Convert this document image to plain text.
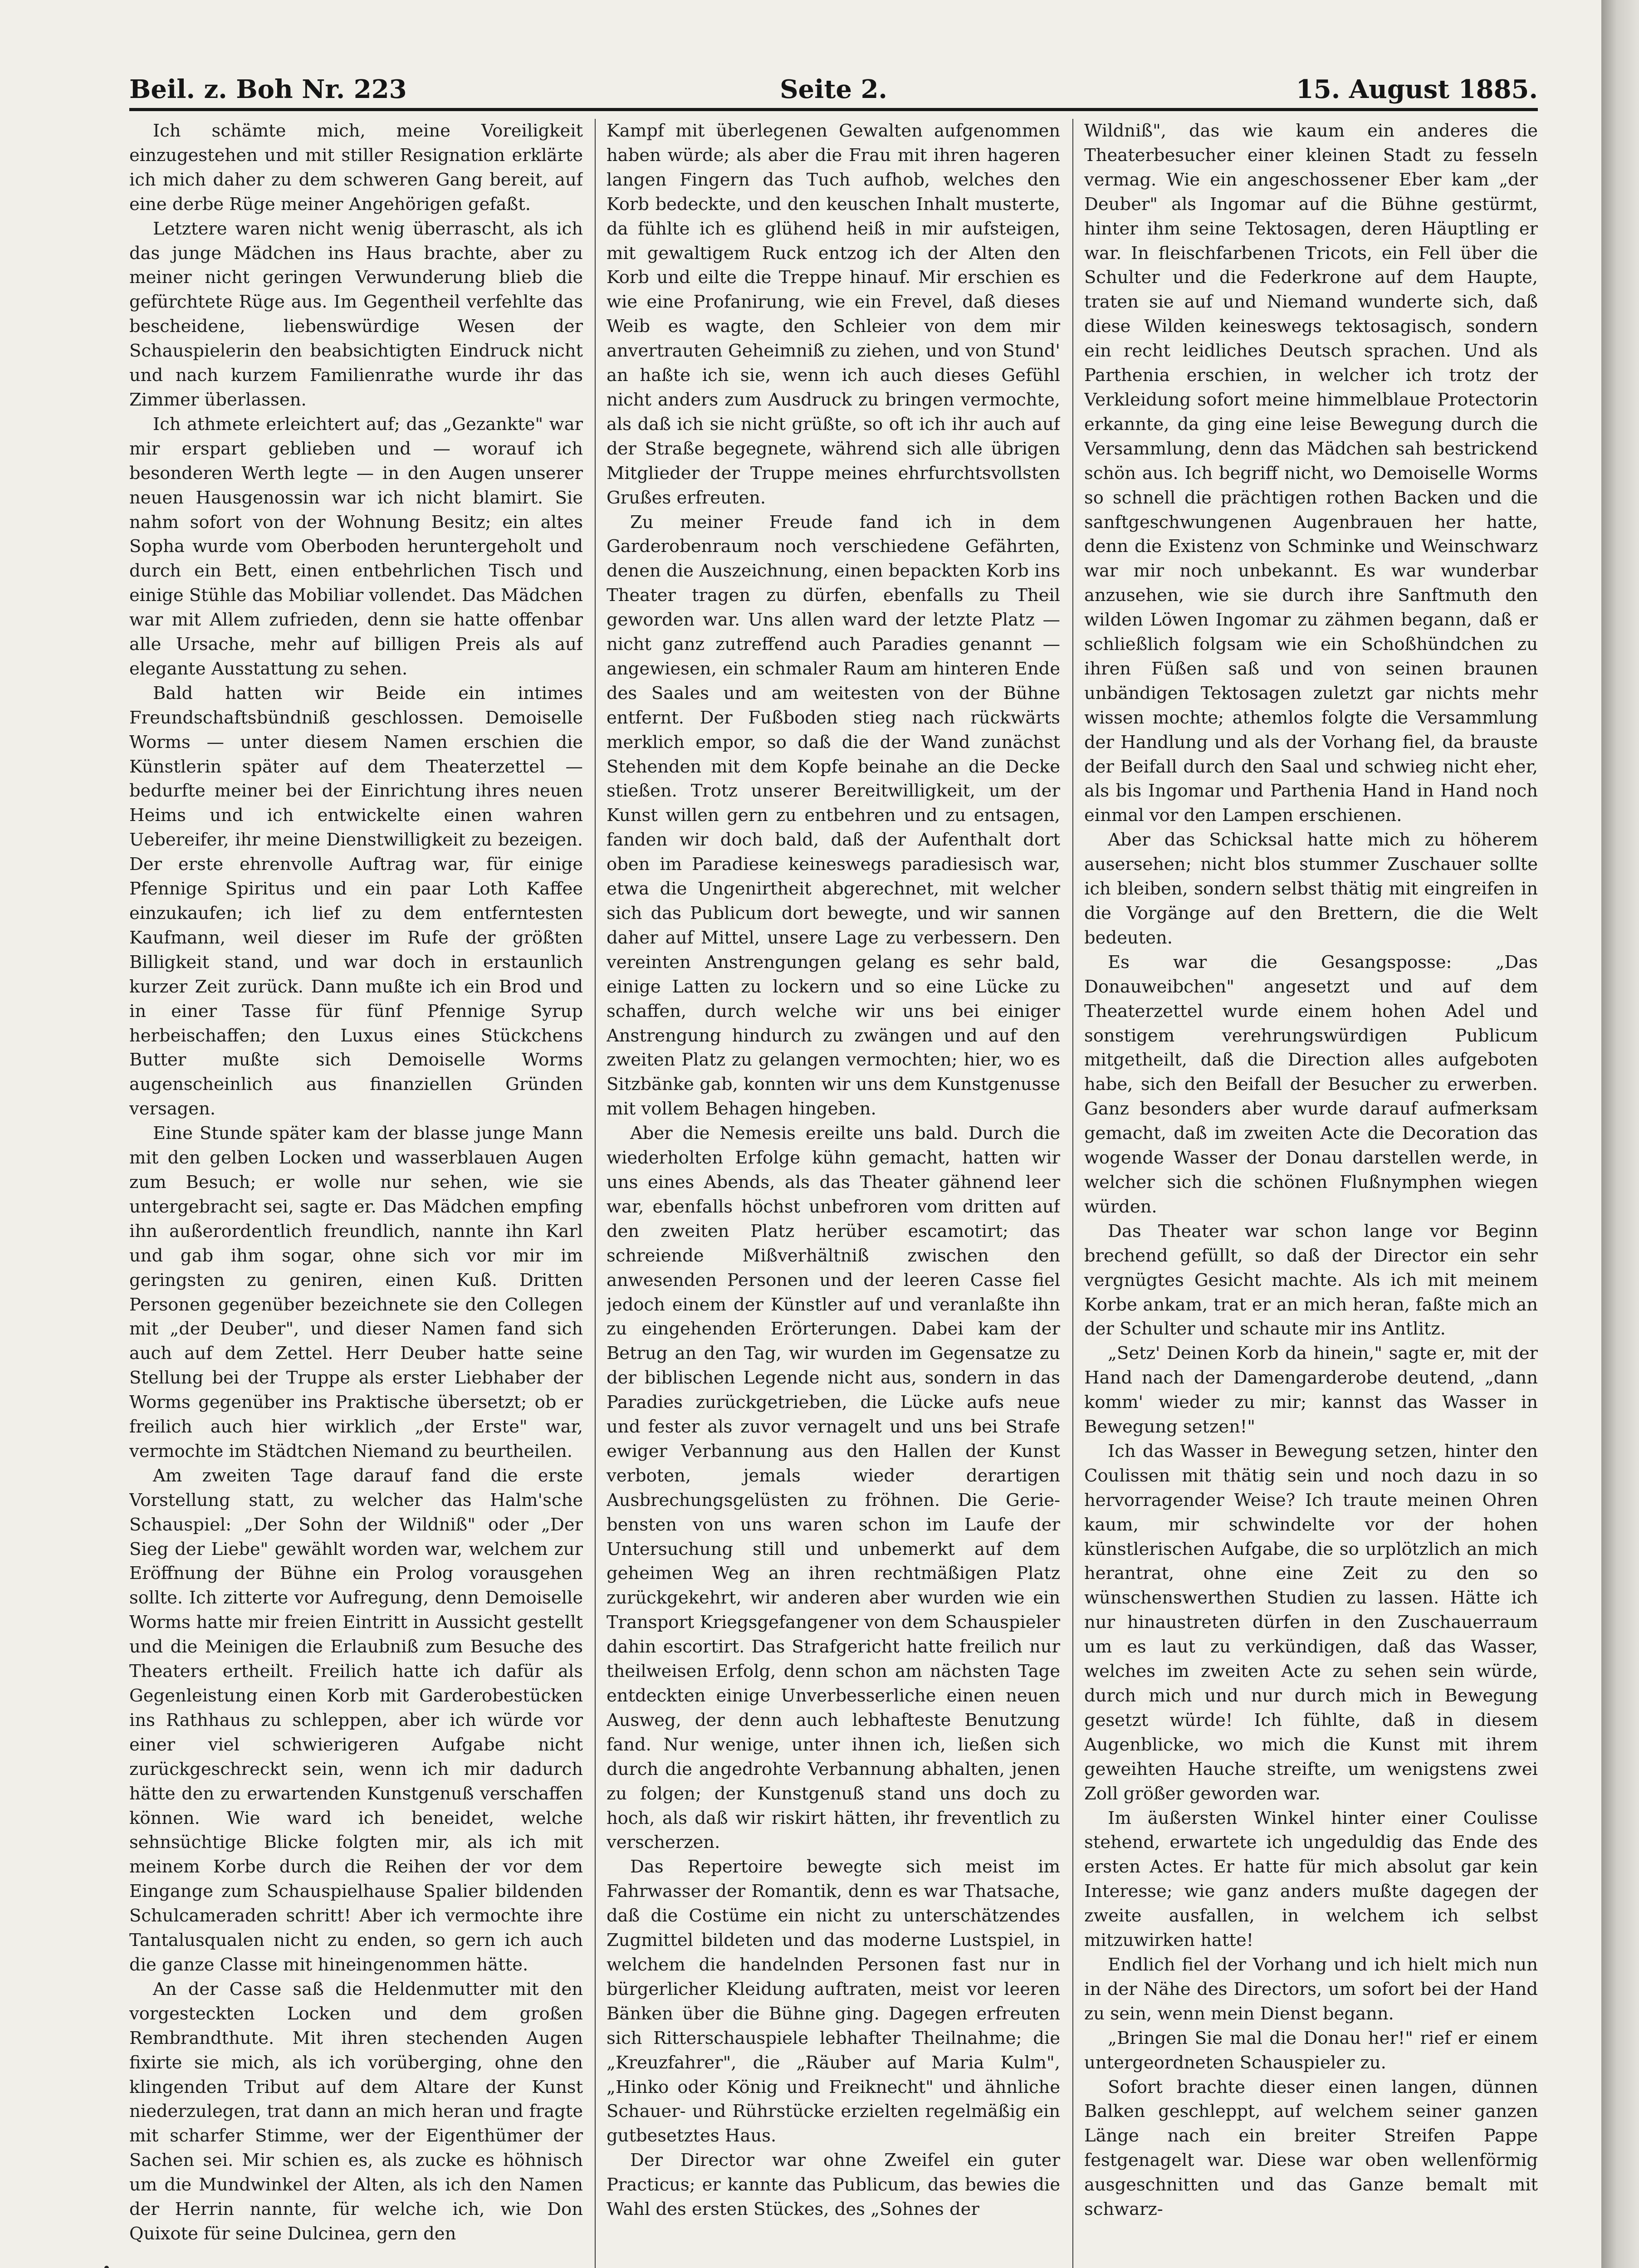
Beil. z. Boh Nr. 223	Seite 2.	15. August 1885.

Ich schämte mich, meine Voreiligkeit einzugestehen und mit stiller Resignation erklärte ich mich daher zu dem schweren Gang bereit, auf eine derbe Rüge meiner Angehörigen gefaßt.

Letztere waren nicht wenig überrascht, als ich das junge Mädchen ins Haus brachte, aber zu meiner nicht geringen Verwunderung blieb die gefürchtete Rüge aus. Im Gegentheil verfehlte das bescheidene, liebenswürdige Wesen der Schauspielerin den beabsichtigten Eindruck nicht und nach kurzem Familienrathe wurde ihr das Zimmer überlassen.

Ich athmete erleichtert auf; das „Gezankte" war mir erspart geblieben und — worauf ich besonderen Werth legte — in den Augen unserer neuen Hausgenossin war ich nicht blamirt. Sie nahm sofort von der Wohnung Besitz; ein altes Sopha wurde vom Oberboden heruntergeholt und durch ein Bett, einen entbehrlichen Tisch und einige Stühle das Mobiliar vollendet. Das Mädchen war mit Allem zufrieden, denn sie hatte offenbar alle Ursache, mehr auf billigen Preis als auf elegante Ausstattung zu sehen.

Bald hatten wir Beide ein intimes Freundschaftsbündniß geschlossen. Demoiselle Worms — unter diesem Namen erschien die Künstlerin später auf dem Theaterzettel — bedurfte meiner bei der Einrichtung ihres neuen Heims und ich entwickelte einen wahren Uebereifer, ihr meine Dienstwilligkeit zu bezeigen. Der erste ehrenvolle Auftrag war, für einige Pfennige Spiritus und ein paar Loth Kaffee einzukaufen; ich lief zu dem entferntesten Kaufmann, weil dieser im Rufe der größten Billigkeit stand, und war doch in erstaunlich kurzer Zeit zurück. Dann mußte ich ein Brod und in einer Tasse für fünf Pfennige Syrup herbeischaffen; den Luxus eines Stückchens Butter mußte sich Demoiselle Worms augenscheinlich aus finanziellen Gründen versagen.

Eine Stunde später kam der blasse junge Mann mit den gelben Locken und wasserblauen Augen zum Besuch; er wolle nur sehen, wie sie untergebracht sei, sagte er. Das Mädchen empfing ihn außerordentlich freundlich, nannte ihn Karl und gab ihm sogar, ohne sich vor mir im geringsten zu geniren, einen Kuß. Dritten Personen gegenüber bezeichnete sie den Collegen mit „der Deuber", und dieser Namen fand sich auch auf dem Zettel. Herr Deuber hatte seine Stellung bei der Truppe als erster Liebhaber der Worms gegenüber ins Praktische übersetzt; ob er freilich auch hier wirklich „der Erste" war, vermochte im Städtchen Niemand zu beurtheilen.

Am zweiten Tage darauf fand die erste Vorstellung statt, zu welcher das Halm'sche Schauspiel: „Der Sohn der Wildniß" oder „Der Sieg der Liebe" gewählt worden war, welchem zur Eröffnung der Bühne ein Prolog vorausgehen sollte. Ich zitterte vor Aufregung, denn Demoiselle Worms hatte mir freien Eintritt in Aussicht gestellt und die Meinigen die Erlaubniß zum Besuche des Theaters ertheilt. Freilich hatte ich dafür als Gegenleistung einen Korb mit Garderobestücken ins Rathhaus zu schleppen, aber ich würde vor einer viel schwierigeren Aufgabe nicht zurückgeschreckt sein, wenn ich mir dadurch hätte den zu erwartenden Kunstgenuß verschaffen können. Wie ward ich beneidet, welche sehnsüchtige Blicke folgten mir, als ich mit meinem Korbe durch die Reihen der vor dem Eingange zum Schauspielhause Spalier bildenden Schulcameraden schritt! Aber ich vermochte ihre Tantalusqualen nicht zu enden, so gern ich auch die ganze Classe mit hineingenommen hätte.

An der Casse saß die Heldenmutter mit den vorgesteckten Locken und dem großen Rembrandthute. Mit ihren stechenden Augen fixirte sie mich, als ich vorüberging, ohne den klingenden Tribut auf dem Altare der Kunst niederzulegen, trat dann an mich heran und fragte mit scharfer Stimme, wer der Eigenthümer der Sachen sei. Mir schien es, als zucke es höhnisch um die Mundwinkel der Alten, als ich den Namen der Herrin nannte, für welche ich, wie Don Quixote für seine Dulcinea, gern den

Kampf mit überlegenen Gewalten aufgenommen haben würde; als aber die Frau mit ihren hageren langen Fingern das Tuch aufhob, welches den Korb bedeckte, und den keuschen Inhalt musterte, da fühlte ich es glühend heiß in mir aufsteigen, mit gewaltigem Ruck entzog ich der Alten den Korb und eilte die Treppe hinauf. Mir erschien es wie eine Profanirung, wie ein Frevel, daß dieses Weib es wagte, den Schleier von dem mir anvertrauten Geheimniß zu ziehen, und von Stund' an haßte ich sie, wenn ich auch dieses Gefühl nicht anders zum Ausdruck zu bringen vermochte, als daß ich sie nicht grüßte, so oft ich ihr auch auf der Straße begegnete, während sich alle übrigen Mitglieder der Truppe meines ehrfurchtsvollsten Grußes erfreuten.

Zu meiner Freude fand ich in dem Garderobenraum noch verschiedene Gefährten, denen die Auszeichnung, einen bepackten Korb ins Theater tragen zu dürfen, ebenfalls zu Theil geworden war. Uns allen ward der letzte Platz — nicht ganz zutreffend auch Paradies genannt — angewiesen, ein schmaler Raum am hinteren Ende des Saales und am weitesten von der Bühne entfernt. Der Fußboden stieg nach rückwärts merklich empor, so daß die der Wand zunächst Stehenden mit dem Kopfe beinahe an die Decke stießen. Trotz unserer Bereitwilligkeit, um der Kunst willen gern zu entbehren und zu entsagen, fanden wir doch bald, daß der Aufenthalt dort oben im Paradiese keineswegs paradiesisch war, etwa die Ungenirtheit abgerechnet, mit welcher sich das Publicum dort bewegte, und wir sannen daher auf Mittel, unsere Lage zu verbessern. Den vereinten Anstrengungen gelang es sehr bald, einige Latten zu lockern und so eine Lücke zu schaffen, durch welche wir uns bei einiger Anstrengung hindurch zu zwängen und auf den zweiten Platz zu gelangen vermochten; hier, wo es Sitzbänke gab, konnten wir uns dem Kunstgenusse mit vollem Behagen hingeben.

Aber die Nemesis ereilte uns bald. Durch die wiederholten Erfolge kühn gemacht, hatten wir uns eines Abends, als das Theater gähnend leer war, ebenfalls höchst unbefroren vom dritten auf den zweiten Platz herüber escamotirt; das schreiende Mißverhältniß zwischen den anwesenden Personen und der leeren Casse fiel jedoch einem der Künstler auf und veranlaßte ihn zu eingehenden Erörterungen. Dabei kam der Betrug an den Tag, wir wurden im Gegensatze zu der biblischen Legende nicht aus, sondern in das Paradies zurückgetrieben, die Lücke aufs neue und fester als zuvor vernagelt und uns bei Strafe ewiger Verbannung aus den Hallen der Kunst verboten, jemals wieder derartigen Ausbrechungsgelüsten zu fröhnen. Die Geriebensten von uns waren schon im Laufe der Untersuchung still und unbemerkt auf dem geheimen Weg an ihren rechtmäßigen Platz zurückgekehrt, wir anderen aber wurden wie ein Transport Kriegsgefangener von dem Schauspieler dahin escortirt. Das Strafgericht hatte freilich nur theilweisen Erfolg, denn schon am nächsten Tage entdeckten einige Unverbesserliche einen neuen Ausweg, der denn auch lebhafteste Benutzung fand. Nur wenige, unter ihnen ich, ließen sich durch die angedrohte Verbannung abhalten, jenen zu folgen; der Kunstgenuß stand uns doch zu hoch, als daß wir riskirt hätten, ihr freventlich zu verscherzen.

Das Repertoire bewegte sich meist im Fahrwasser der Romantik, denn es war Thatsache, daß die Costüme ein nicht zu unterschätzendes Zugmittel bildeten und das moderne Lustspiel, in welchem die handelnden Personen fast nur in bürgerlicher Kleidung auftraten, meist vor leeren Bänken über die Bühne ging. Dagegen erfreuten sich Ritterschauspiele lebhafter Theilnahme; die „Kreuzfahrer", die „Räuber auf Maria Kulm", „Hinko oder König und Freiknecht" und ähnliche Schauer- und Rührstücke erzielten regelmäßig ein gutbesetztes Haus.

Der Director war ohne Zweifel ein guter Practicus; er kannte das Publicum, das bewies die Wahl des ersten Stückes, des „Sohnes der

Wildniß", das wie kaum ein anderes die Theaterbesucher einer kleinen Stadt zu fesseln vermag. Wie ein angeschossener Eber kam „der Deuber" als Ingomar auf die Bühne gestürmt, hinter ihm seine Tektosagen, deren Häuptling er war. In fleischfarbenen Tricots, ein Fell über die Schulter und die Federkrone auf dem Haupte, traten sie auf und Niemand wunderte sich, daß diese Wilden keineswegs tektosagisch, sondern ein recht leidliches Deutsch sprachen. Und als Parthenia erschien, in welcher ich trotz der Verkleidung sofort meine himmelblaue Protectorin erkannte, da ging eine leise Bewegung durch die Versammlung, denn das Mädchen sah bestrickend schön aus. Ich begriff nicht, wo Demoiselle Worms so schnell die prächtigen rothen Backen und die sanftgeschwungenen Augenbrauen her hatte, denn die Existenz von Schminke und Weinschwarz war mir noch unbekannt. Es war wunderbar anzusehen, wie sie durch ihre Sanftmuth den wilden Löwen Ingomar zu zähmen begann, daß er schließlich folgsam wie ein Schoßhündchen zu ihren Füßen saß und von seinen braunen unbändigen Tektosagen zuletzt gar nichts mehr wissen mochte; athemlos folgte die Versammlung der Handlung und als der Vorhang fiel, da brauste der Beifall durch den Saal und schwieg nicht eher, als bis Ingomar und Parthenia Hand in Hand noch einmal vor den Lampen erschienen.

Aber das Schicksal hatte mich zu höherem ausersehen; nicht blos stummer Zuschauer sollte ich bleiben, sondern selbst thätig mit eingreifen in die Vorgänge auf den Brettern, die die Welt bedeuten.

Es war die Gesangsposse: „Das Donauweibchen" angesetzt und auf dem Theaterzettel wurde einem hohen Adel und sonstigem verehrungswürdigen Publicum mitgetheilt, daß die Direction alles aufgeboten habe, sich den Beifall der Besucher zu erwerben. Ganz besonders aber wurde darauf aufmerksam gemacht, daß im zweiten Acte die Decoration das wogende Wasser der Donau darstellen werde, in welcher sich die schönen Flußnymphen wiegen würden.

Das Theater war schon lange vor Beginn brechend gefüllt, so daß der Director ein sehr vergnügtes Gesicht machte. Als ich mit meinem Korbe ankam, trat er an mich heran, faßte mich an der Schulter und schaute mir ins Antlitz.

„Setz' Deinen Korb da hinein," sagte er, mit der Hand nach der Damengarderobe deutend, „dann komm' wieder zu mir; kannst das Wasser in Bewegung setzen!"

Ich das Wasser in Bewegung setzen, hinter den Coulissen mit thätig sein und noch dazu in so hervorragender Weise? Ich traute meinen Ohren kaum, mir schwindelte vor der hohen künstlerischen Aufgabe, die so urplötzlich an mich herantrat, ohne eine Zeit zu den so wünschenswerthen Studien zu lassen. Hätte ich nur hinaustreten dürfen in den Zuschauerraum um es laut zu verkündigen, daß das Wasser, welches im zweiten Acte zu sehen sein würde, durch mich und nur durch mich in Bewegung gesetzt würde! Ich fühlte, daß in diesem Augenblicke, wo mich die Kunst mit ihrem geweihten Hauche streifte, um wenigstens zwei Zoll größer geworden war.

Im äußersten Winkel hinter einer Coulisse stehend, erwartete ich ungeduldig das Ende des ersten Actes. Er hatte für mich absolut gar kein Interesse; wie ganz anders mußte dagegen der zweite ausfallen, in welchem ich selbst mitzuwirken hatte!

Endlich fiel der Vorhang und ich hielt mich nun in der Nähe des Directors, um sofort bei der Hand zu sein, wenn mein Dienst begann.

„Bringen Sie mal die Donau her!" rief er einem untergeordneten Schauspieler zu.

Sofort brachte dieser einen langen, dünnen Balken geschleppt, auf welchem seiner ganzen Länge nach ein breiter Streifen Pappe festgenagelt war. Diese war oben wellenförmig ausgeschnitten und das Ganze bemalt mit schwarz-
